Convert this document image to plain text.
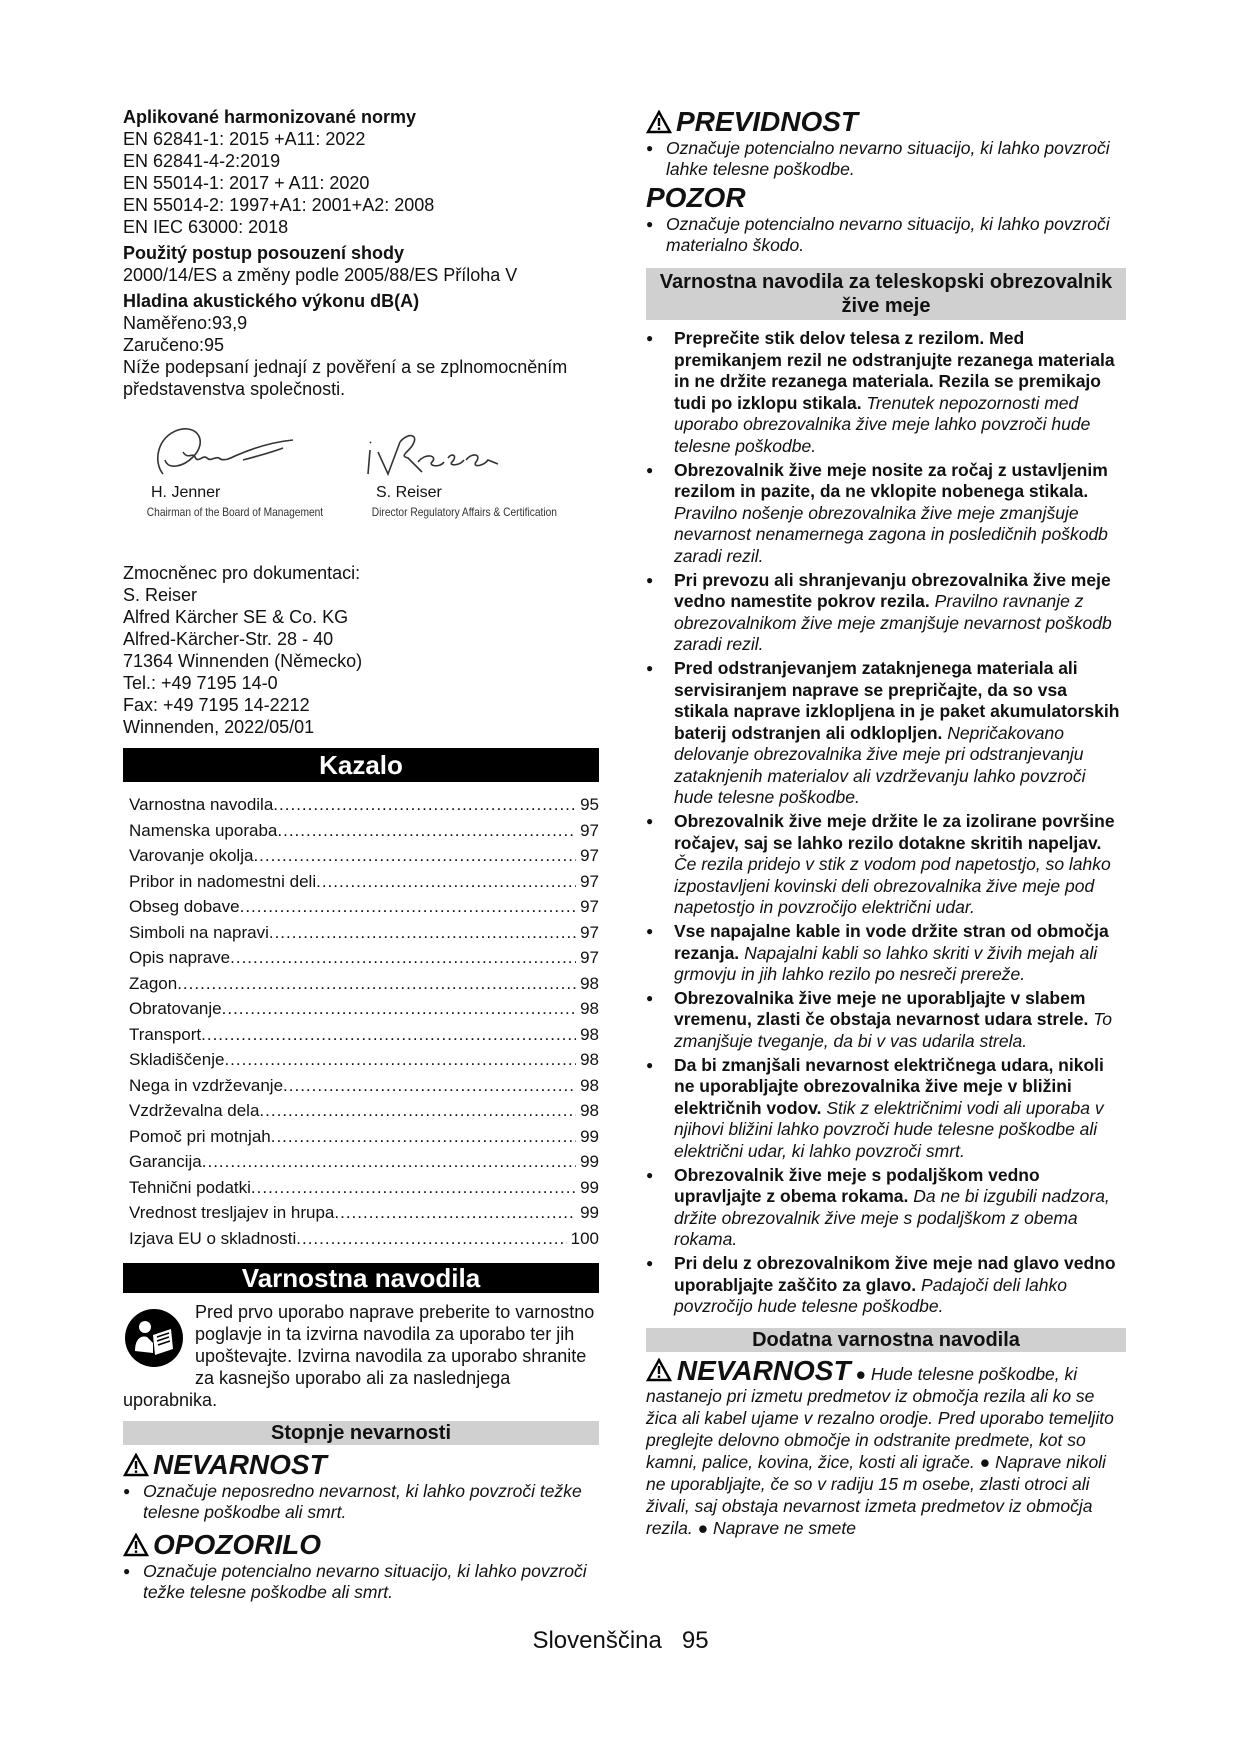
Aplikované harmonizované normy
EN 62841-1: 2015 +A11: 2022
EN 62841-4-2:2019
EN 55014-1: 2017 + A11: 2020
EN 55014-2: 1997+A1: 2001+A2: 2008
EN IEC 63000: 2018
Použitý postup posouzení shody
2000/14/ES a změny podle 2005/88/ES Příloha V
Hladina akustického výkonu dB(A)
Naměřeno:93,9
Zaručeno:95
Níže podepsaní jednají z pověření a se zplnomocněním
představenstva společnosti.
H. Jenner
Chairman of the Board of Management
S. Reiser
Director Regulatory Affairs & Certification
Zmocněnec pro dokumentaci:
S. Reiser
Alfred Kärcher SE & Co. KG
Alfred-Kärcher-Str. 28 - 40
71364 Winnenden (Německo)
Tel.: +49 7195 14-0
Fax: +49 7195 14-2212
Winnenden, 2022/05/01
Kazalo
Varnostna navodila .....	95
Namenska uporaba .....	97
Varovanje okolja .....	97
Pribor in nadomestni deli .....	97
Obseg dobave .....	97
Simboli na napravi .....	97
Opis naprave .....	97
Zagon .....	98
Obratovanje .....	98
Transport .....	98
Skladiščenje .....	98
Nega in vzdrževanje .....	98
Vzdrževalna dela .....	98
Pomoč pri motnjah .....	99
Garancija .....	99
Tehnični podatki .....	99
Vrednost tresljajev in hrupa .....	99
Izjava EU o skladnosti .....	100
Varnostna navodila
Pred prvo uporabo naprave preberite to varnostno poglavje in ta izvirna navodila za uporabo ter jih upoštevajte. Izvirna navodila za uporabo shranite za kasnejšo uporabo ali za naslednjega uporabnika.
Stopnje nevarnosti
NEVARNOST
● Označuje neposredno nevarnost, ki lahko povzroči težke telesne poškodbe ali smrt.
OPOZORILO
● Označuje potencialno nevarno situacijo, ki lahko povzroči težke telesne poškodbe ali smrt.
PREVIDNOST
● Označuje potencialno nevarno situacijo, ki lahko povzroči lahke telesne poškodbe.
POZOR
● Označuje potencialno nevarno situacijo, ki lahko povzroči materialno škodo.
Varnostna navodila za teleskopski obrezovalnik žive meje
● Preprečite stik delov telesa z rezilom. Med premikanjem rezil ne odstranjujte rezanega materiala in ne držite rezanega materiala. Rezila se premikajo tudi po izklopu stikala. Trenutek nepozornosti med uporabo obrezovalnika žive meje lahko povzroči hude telesne poškodbe.
● Obrezovalnik žive meje nosite za ročaj z ustavljenim rezilom in pazite, da ne vklopite nobenega stikala. Pravilno nošenje obrezovalnika žive meje zmanjšuje nevarnost nenamernega zagona in posledičnih poškodb zaradi rezil.
● Pri prevozu ali shranjevanju obrezovalnika žive meje vedno namestite pokrov rezila. Pravilno ravnanje z obrezovalnikom žive meje zmanjšuje nevarnost poškodb zaradi rezil.
● Pred odstranjevanjem zataknjenega materiala ali servisiranjem naprave se prepričajte, da so vsa stikala naprave izklopljena in je paket akumulatorskih baterij odstranjen ali odklopljen. Nepričakovano delovanje obrezovalnika žive meje pri odstranjevanju zataknjenih materialov ali vzdrževanju lahko povzroči hude telesne poškodbe.
● Obrezovalnik žive meje držite le za izolirane površine ročajev, saj se lahko rezilo dotakne skritih napeljav. Če rezila pridejo v stik z vodom pod napetostjo, so lahko izpostavljeni kovinski deli obrezovalnika žive meje pod napetostjo in povzročijo električni udar.
● Vse napajalne kable in vode držite stran od območja rezanja. Napajalni kabli so lahko skriti v živih mejah ali grmovju in jih lahko rezilo po nesreči prereže.
● Obrezovalnika žive meje ne uporabljajte v slabem vremenu, zlasti če obstaja nevarnost udara strele. To zmanjšuje tveganje, da bi v vas udarila strela.
● Da bi zmanjšali nevarnost električnega udara, nikoli ne uporabljajte obrezovalnika žive meje v bližini električnih vodov. Stik z električnimi vodi ali uporaba v njihovi bližini lahko povzroči hude telesne poškodbe ali električni udar, ki lahko povzroči smrt.
● Obrezovalnik žive meje s podaljškom vedno upravljajte z obema rokama. Da ne bi izgubili nadzora, držite obrezovalnik žive meje s podaljškom z obema rokama.
● Pri delu z obrezovalnikom žive meje nad glavo vedno uporabljajte zaščito za glavo. Padajoči deli lahko povzročijo hude telesne poškodbe.
Dodatna varnostna navodila
NEVARNOST ● Hude telesne poškodbe, ki nastanejo pri izmetu predmetov iz območja rezila ali ko se žica ali kabel ujame v rezalno orodje. Pred uporabo temeljito preglejte delovno območje in odstranite predmete, kot so kamni, palice, kovina, žice, kosti ali igrače. ● Naprave nikoli ne uporabljajte, če so v radiju 15 m osebe, zlasti otroci ali živali, saj obstaja nevarnost izmeta predmetov iz območja rezila. ● Naprave ne smete
Slovenščina 95
